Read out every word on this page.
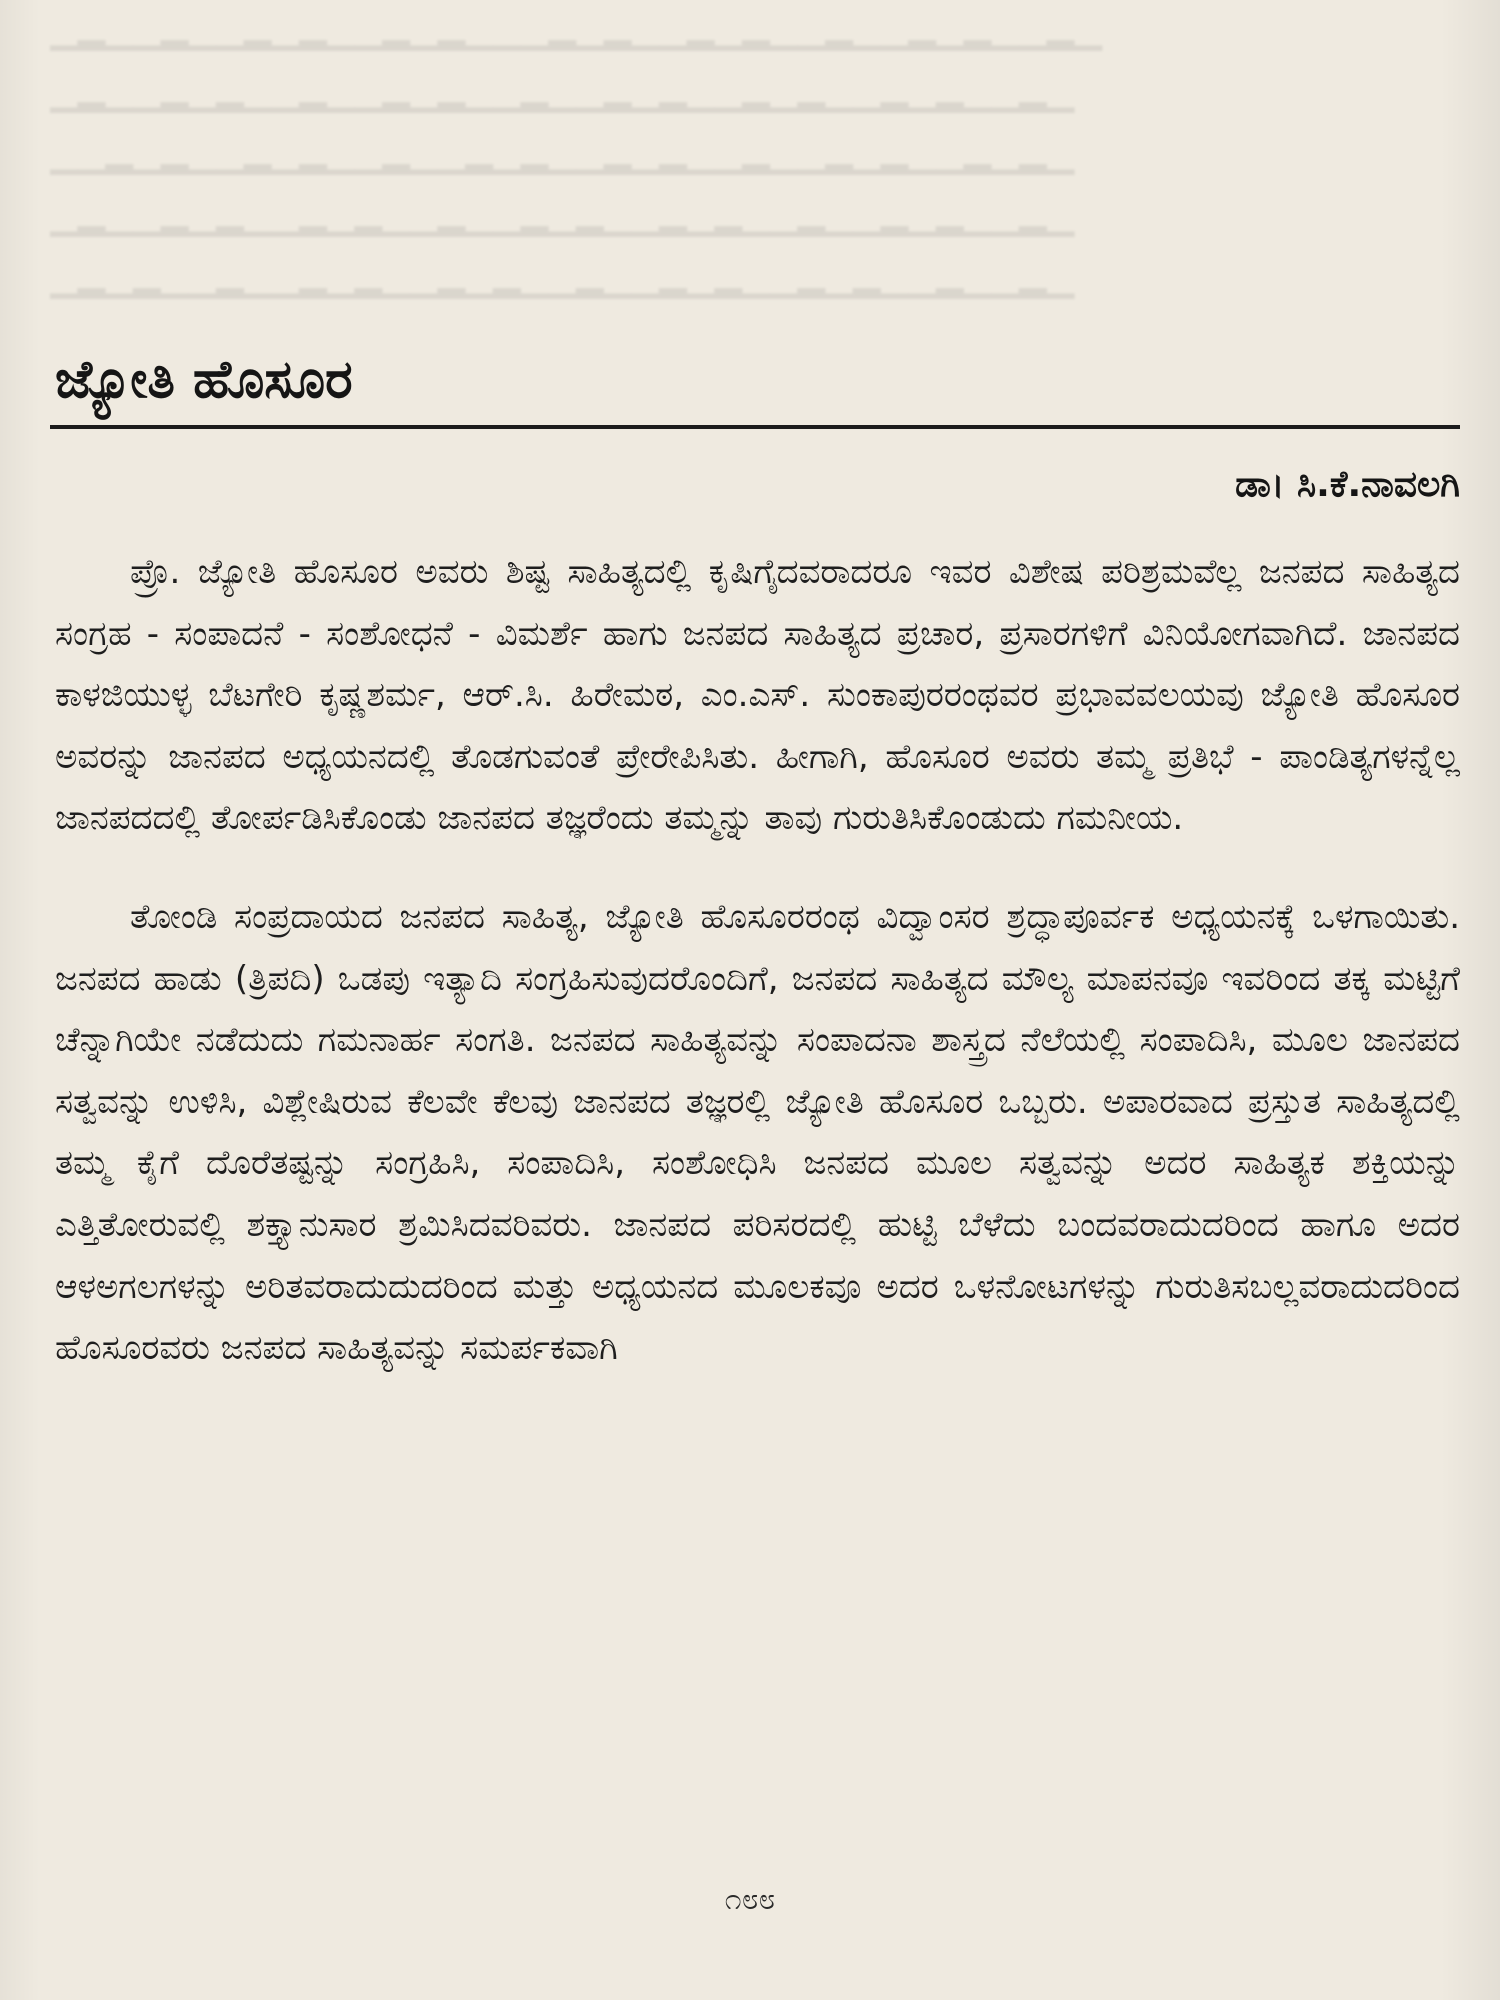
▁▂▁▁▂▁▁▂▁▂▁▁▂▁▂▁▁▁▂▁▂▁▁▂▁▂▁▁▂▁▁▂▁▂▁▁▂▁
▁▂▁▁▂▁▂▁▁▂▁▁▂▁▂▁▁▂▁▁▂▁▂▁▁▂▁▂▁▁▂▁▂▁▁▂▁
▁▁▂▁▂▁▁▂▁▂▁▁▂▁▁▂▁▂▁▁▂▁▂▁▁▂▁▁▂▁▂▁▁▂▁▂▁
▁▂▁▁▂▁▂▁▁▂▁▂▁▁▂▁▁▂▁▂▁▁▂▁▂▁▁▂▁▁▂▁▂▁▁▂▁
▁▂▁▂▁▁▂▁▁▂▁▂▁▁▂▁▂▁▁▂▁▁▂▁▂▁▁▂▁▂▁▁▂▁▁▂▁
ಜ್ಯೋತಿ ಹೊಸೂರ
ಡಾ। ಸಿ.ಕೆ.ನಾವಲಗಿ

ಪ್ರೊ. ಜ್ಯೋತಿ ಹೊಸೂರ ಅವರು ಶಿಷ್ಟ ಸಾಹಿತ್ಯದಲ್ಲಿ ಕೃಷಿಗೈದವರಾದರೂ ಇವರ ವಿಶೇಷ ಪರಿಶ್ರಮವೆಲ್ಲ ಜನಪದ ಸಾಹಿತ್ಯದ ಸಂಗ್ರಹ - ಸಂಪಾದನೆ - ಸಂಶೋಧನೆ - ವಿಮರ್ಶೆ ಹಾಗು ಜನಪದ ಸಾಹಿತ್ಯದ ಪ್ರಚಾರ, ಪ್ರಸಾರಗಳಿಗೆ ವಿನಿಯೋಗವಾಗಿದೆ. ಜಾನಪದ ಕಾಳಜಿಯುಳ್ಳ ಬೆಟಗೇರಿ ಕೃಷ್ಣಶರ್ಮ, ಆರ್.ಸಿ. ಹಿರೇಮಠ, ಎಂ.ಎಸ್. ಸುಂಕಾಪುರರಂಥವರ ಪ್ರಭಾವವಲಯವು ಜ್ಯೋತಿ ಹೊಸೂರ ಅವರನ್ನು ಜಾನಪದ ಅಧ್ಯಯನದಲ್ಲಿ ತೊಡಗುವಂತೆ ಪ್ರೇರೇಪಿಸಿತು. ಹೀಗಾಗಿ, ಹೊಸೂರ ಅವರು ತಮ್ಮ ಪ್ರತಿಭೆ - ಪಾಂಡಿತ್ಯಗಳನ್ನೆಲ್ಲ ಜಾನಪದದಲ್ಲಿ ತೋರ್ಪಡಿಸಿಕೊಂಡು ಜಾನಪದ ತಜ್ಞರೆಂದು ತಮ್ಮನ್ನು ತಾವು ಗುರುತಿಸಿಕೊಂಡುದು ಗಮನೀಯ.

ತೋಂಡಿ ಸಂಪ್ರದಾಯದ ಜನಪದ ಸಾಹಿತ್ಯ, ಜ್ಯೋತಿ ಹೊಸೂರರಂಥ ವಿದ್ವಾಂಸರ ಶ್ರದ್ಧಾಪೂರ್ವಕ ಅಧ್ಯಯನಕ್ಕೆ ಒಳಗಾಯಿತು. ಜನಪದ ಹಾಡು (ತ್ರಿಪದಿ) ಒಡಪು ಇತ್ಯಾದಿ ಸಂಗ್ರಹಿಸುವುದರೊಂದಿಗೆ, ಜನಪದ ಸಾಹಿತ್ಯದ ಮೌಲ್ಯ ಮಾಪನವೂ ಇವರಿಂದ ತಕ್ಕ ಮಟ್ಟಿಗೆ ಚೆನ್ನಾಗಿಯೇ ನಡೆದುದು ಗಮನಾರ್ಹ ಸಂಗತಿ. ಜನಪದ ಸಾಹಿತ್ಯವನ್ನು ಸಂಪಾದನಾ ಶಾಸ್ತ್ರದ ನೆಲೆಯಲ್ಲಿ ಸಂಪಾದಿಸಿ, ಮೂಲ ಜಾನಪದ ಸತ್ವವನ್ನು ಉಳಿಸಿ, ವಿಶ್ಲೇಷಿರುವ ಕೆಲವೇ ಕೆಲವು ಜಾನಪದ ತಜ್ಞರಲ್ಲಿ ಜ್ಯೋತಿ ಹೊಸೂರ ಒಬ್ಬರು. ಅಪಾರವಾದ ಪ್ರಸ್ತುತ ಸಾಹಿತ್ಯದಲ್ಲಿ ತಮ್ಮ ಕೈಗೆ ದೊರೆತಷ್ಟನ್ನು ಸಂಗ್ರಹಿಸಿ, ಸಂಪಾದಿಸಿ, ಸಂಶೋಧಿಸಿ ಜನಪದ ಮೂಲ ಸತ್ವವನ್ನು ಅದರ ಸಾಹಿತ್ಯಕ ಶಕ್ತಿಯನ್ನು ಎತ್ತಿತೋರುವಲ್ಲಿ ಶಕ್ತ್ಯಾನುಸಾರ ಶ್ರಮಿಸಿದವರಿವರು. ಜಾನಪದ ಪರಿಸರದಲ್ಲಿ ಹುಟ್ಟಿ ಬೆಳೆದು ಬಂದವರಾದುದರಿಂದ ಹಾಗೂ ಅದರ ಆಳಅಗಲಗಳನ್ನು ಅರಿತವರಾದುದುದರಿಂದ ಮತ್ತು ಅಧ್ಯಯನದ ಮೂಲಕವೂ ಅದರ ಒಳನೋಟಗಳನ್ನು ಗುರುತಿಸಬಲ್ಲವರಾದುದರಿಂದ ಹೊಸೂರವರು ಜನಪದ ಸಾಹಿತ್ಯವನ್ನು ಸಮರ್ಪಕವಾಗಿ

೧೮೮
